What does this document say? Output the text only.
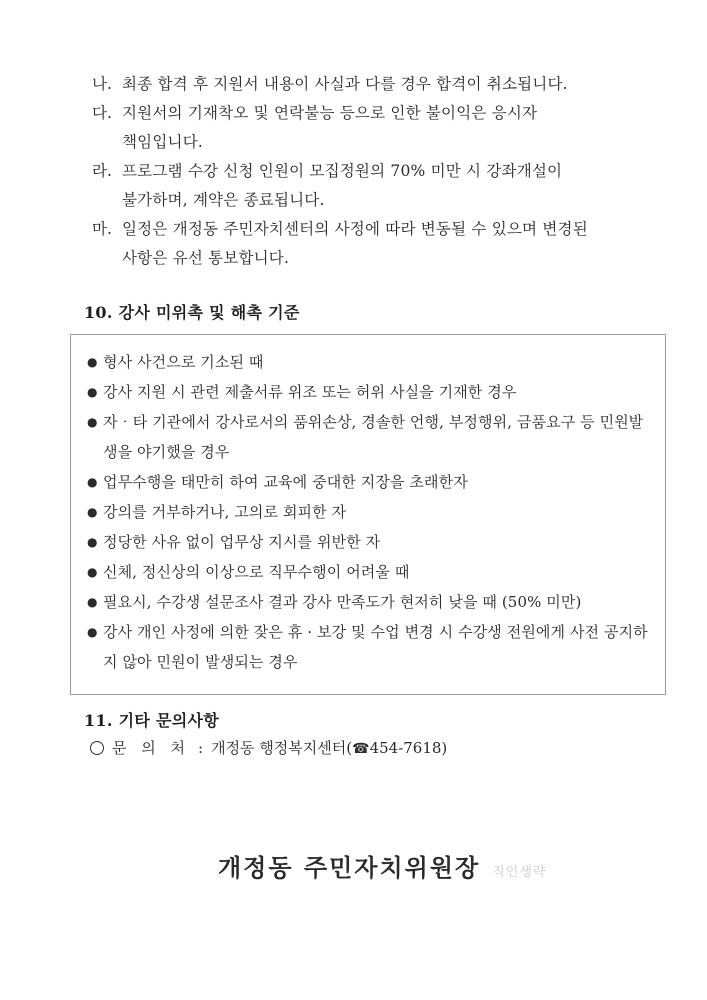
나. 최종 합격 후 지원서 내용이 사실과 다를 경우 합격이 취소됩니다.
다. 지원서의 기재착오 및 연락불능 등으로 인한 불이익은 응시자
책임입니다.
라. 프로그램 수강 신청 인원이 모집정원의 70% 미만 시 강좌개설이
불가하며, 계약은 종료됩니다.
마. 일정은 개정동 주민자치센터의 사정에 따라 변동될 수 있으며 변경된
사항은 유선 통보합니다.
10. 강사 미위촉 및 해촉 기준
● 형사 사건으로 기소된 때
● 강사 지원 시 관련 제출서류 위조 또는 허위 사실을 기재한 경우
● 자‧타 기관에서 강사로서의 품위손상, 경솔한 언행, 부정행위, 금품요구 등 민원발생을 야기했을 경우
● 업무수행을 태만히 하여 교육에 중대한 지장을 초래한자
● 강의를 거부하거나, 고의로 회피한 자
● 정당한 사유 없이 업무상 지시를 위반한 자
● 신체, 정신상의 이상으로 직무수행이 어려울 때
● 필요시, 수강생 설문조사 결과 강사 만족도가 현저히 낮을 때 (50% 미만)
● 강사 개인 사정에 의한 잦은 휴 · 보강 및 수업 변경 시 수강생 전원에게 사전 공지하지 않아 민원이 발생되는 경우
11. 기타 문의사항
문 의 처 : 개정동 행정복지센터(☎454-7618)
개정동 주민자치위원장 직인생략
